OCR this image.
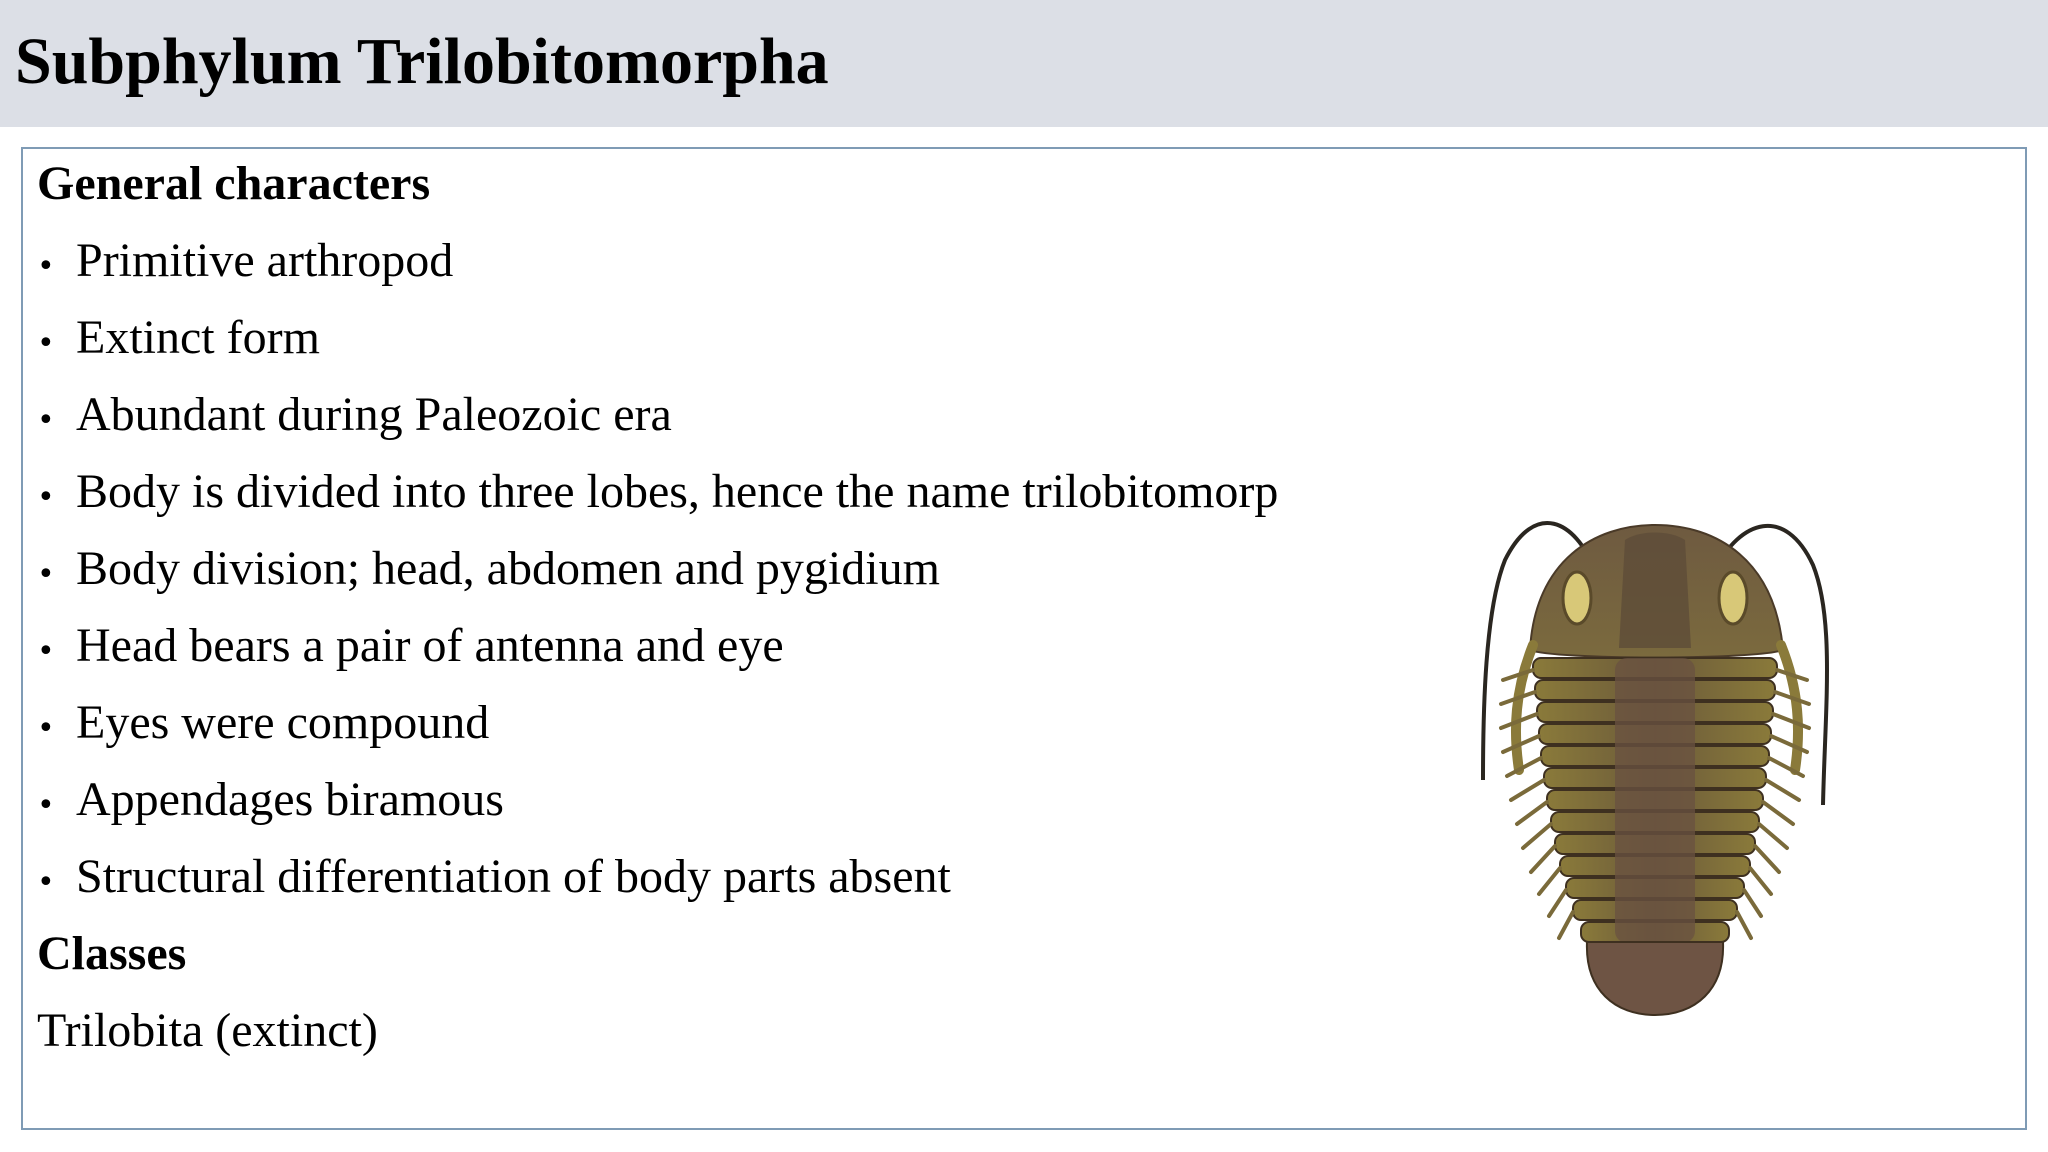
Subphylum Trilobitomorpha
General characters
• Primitive arthropod
• Extinct form
• Abundant during Paleozoic era
• Body is divided into three lobes, hence the name trilobitomorp
• Body division; head, abdomen and pygidium
• Head bears a pair of antenna and eye
• Eyes were compound
• Appendages biramous
• Structural differentiation of body parts absent
Classes
Trilobita (extinct)
